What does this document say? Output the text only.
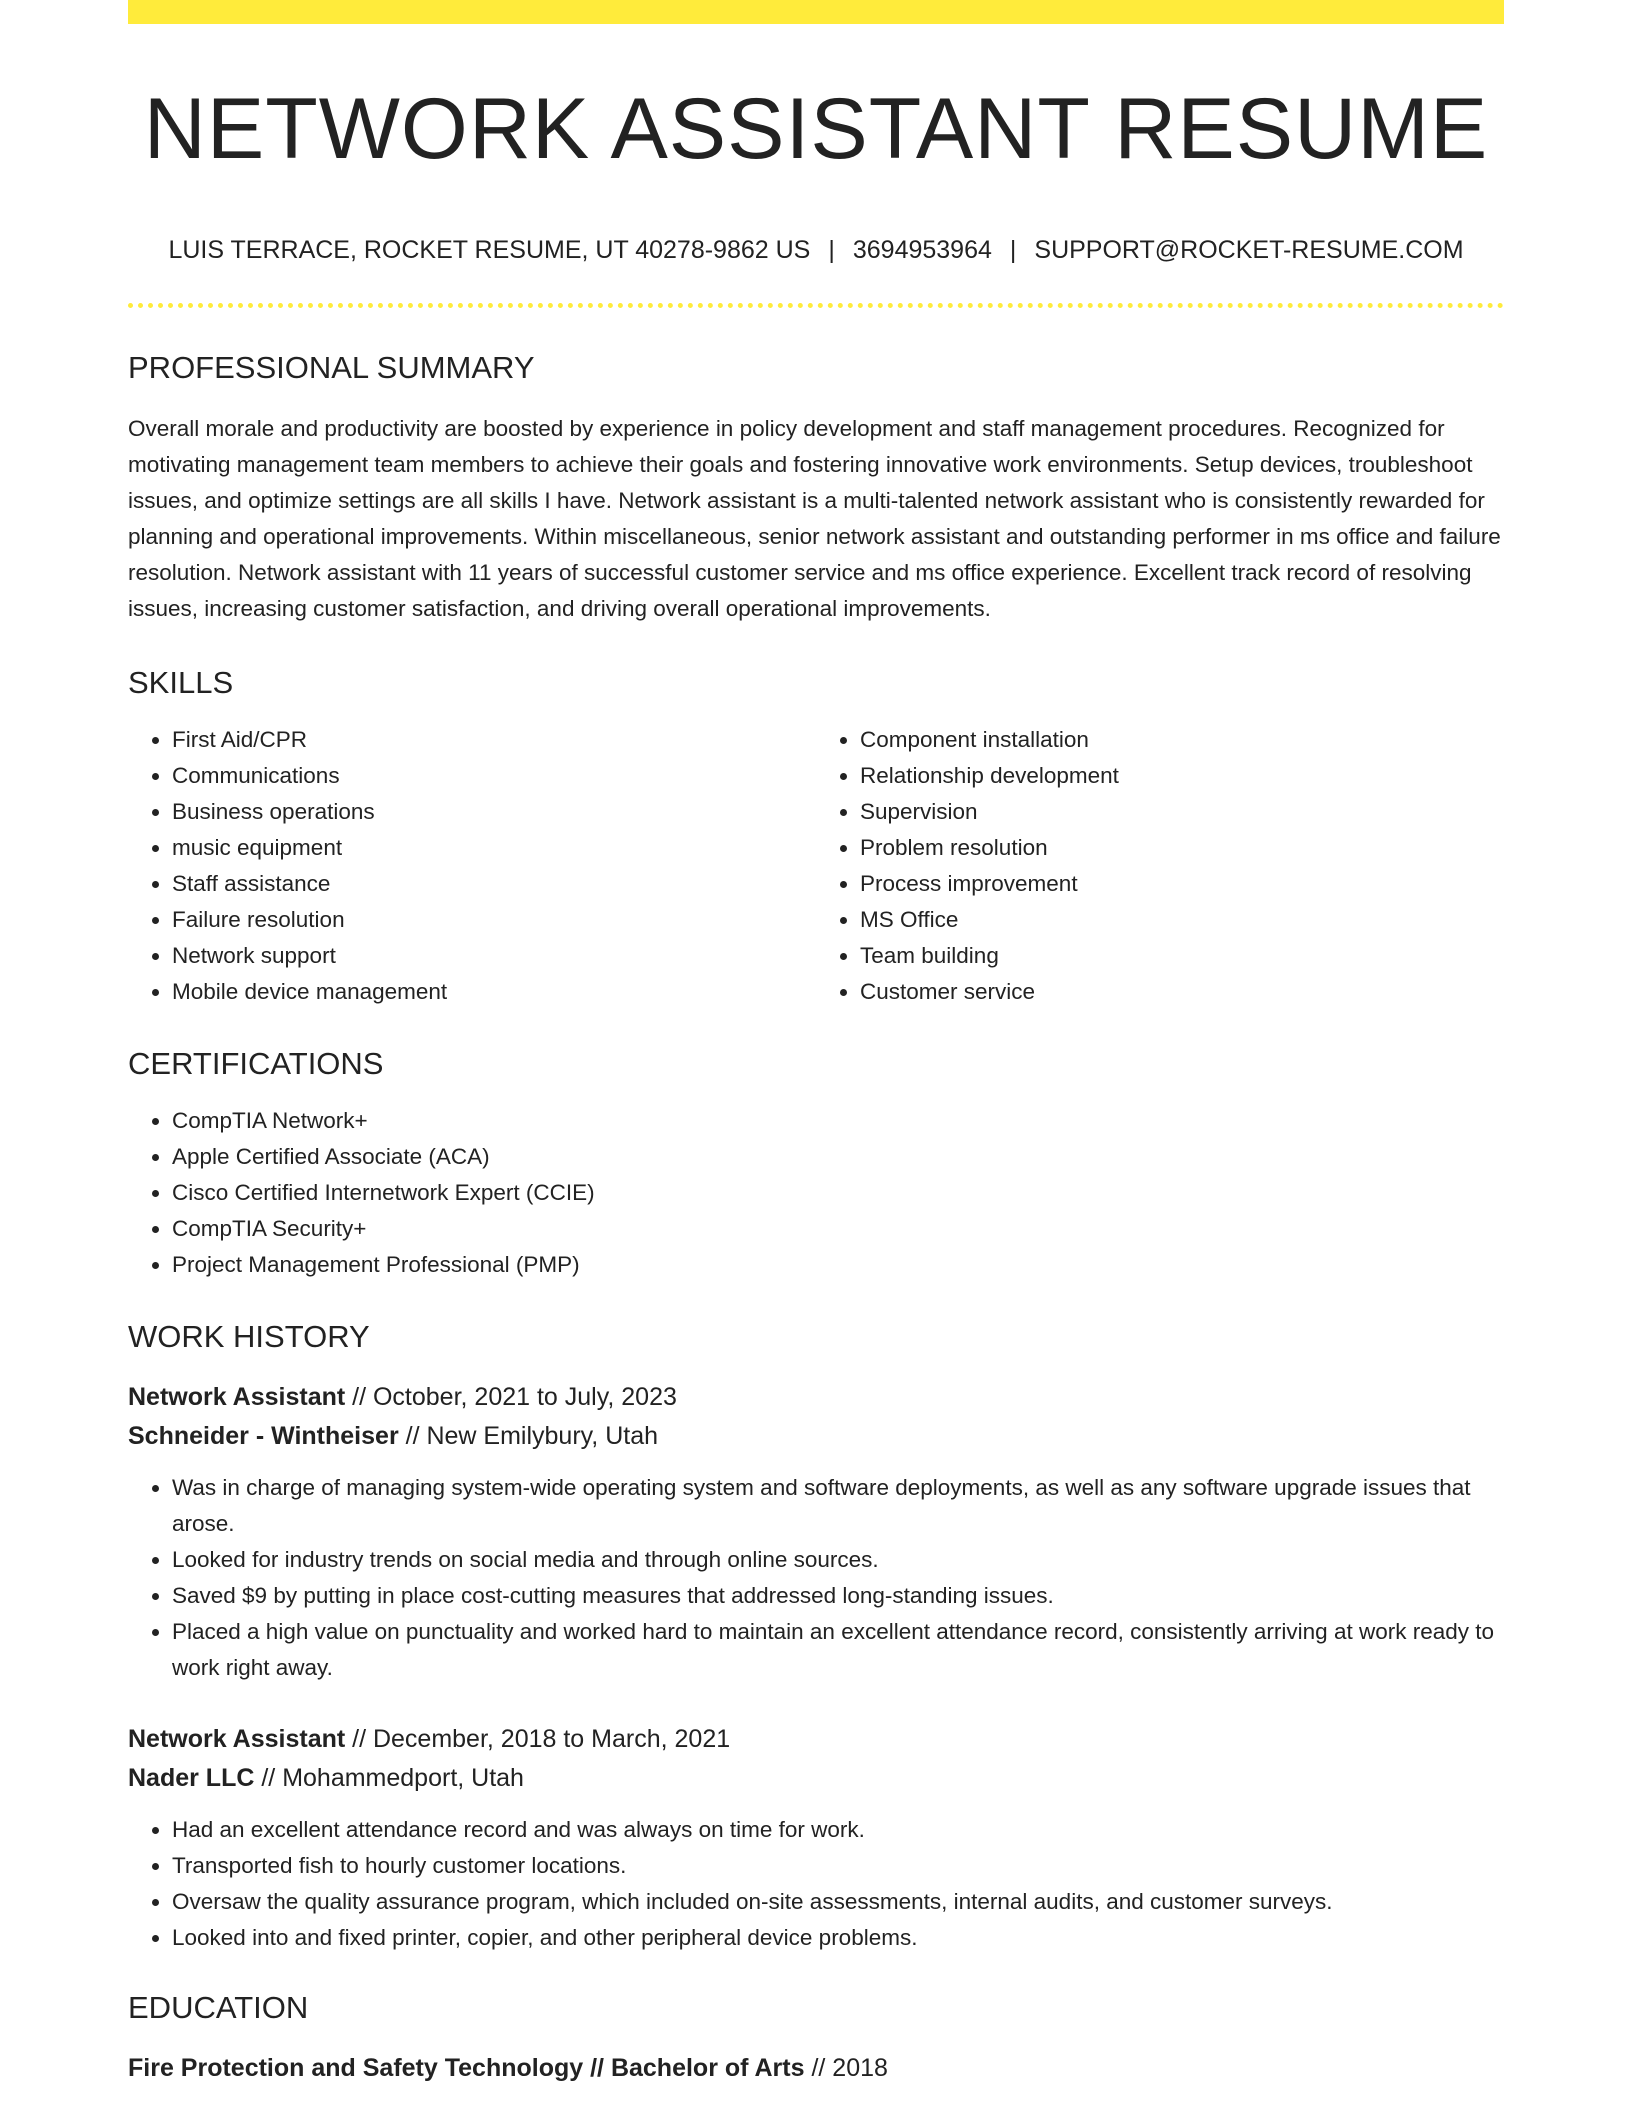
NETWORK ASSISTANT RESUME
LUIS TERRACE, ROCKET RESUME, UT 40278-9862 US | 3694953964 | SUPPORT@ROCKET-RESUME.COM
PROFESSIONAL SUMMARY

Overall morale and productivity are boosted by experience in policy development and staff management procedures. Recognized for motivating management team members to achieve their goals and fostering innovative work environments. Setup devices, troubleshoot issues, and optimize settings are all skills I have. Network assistant is a multi-talented network assistant who is consistently rewarded for planning and operational improvements. Within miscellaneous, senior network assistant and outstanding performer in ms office and failure resolution. Network assistant with 11 years of successful customer service and ms office experience. Excellent track record of resolving issues, increasing customer satisfaction, and driving overall operational improvements.

SKILLS
• First Aid/CPR
• Communications
• Business operations
• music equipment
• Staff assistance
• Failure resolution
• Network support
• Mobile device management
• Component installation
• Relationship development
• Supervision
• Problem resolution
• Process improvement
• MS Office
• Team building
• Customer service
CERTIFICATIONS
• CompTIA Network+
• Apple Certified Associate (ACA)
• Cisco Certified Internetwork Expert (CCIE)
• CompTIA Security+
• Project Management Professional (PMP)
WORK HISTORY
Network Assistant // October, 2021 to July, 2023
Schneider - Wintheiser // New Emilybury, Utah
• Was in charge of managing system-wide operating system and software deployments, as well as any software upgrade issues that arose.
• Looked for industry trends on social media and through online sources.
• Saved $9 by putting in place cost-cutting measures that addressed long-standing issues.
• Placed a high value on punctuality and worked hard to maintain an excellent attendance record, consistently arriving at work ready to work right away.
Network Assistant // December, 2018 to March, 2021
Nader LLC // Mohammedport, Utah
• Had an excellent attendance record and was always on time for work.
• Transported fish to hourly customer locations.
• Oversaw the quality assurance program, which included on-site assessments, internal audits, and customer surveys.
• Looked into and fixed printer, copier, and other peripheral device problems.
EDUCATION
Fire Protection and Safety Technology // Bachelor of Arts // 2018
